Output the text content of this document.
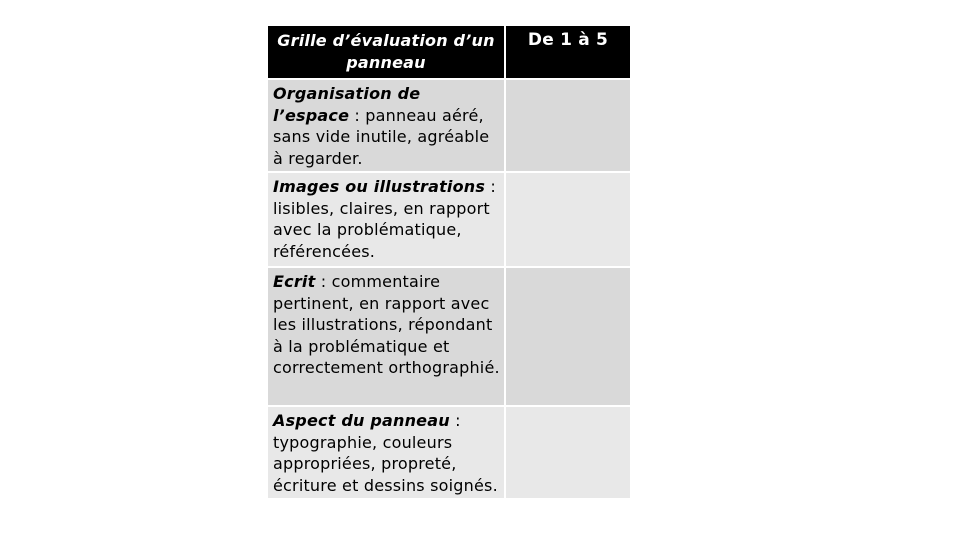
Grille d’évaluation d’un panneau	De 1 à 5
Organisation de l’espace : panneau aéré, sans vide inutile, agréable à regarder.	
Images ou illustrations : lisibles, claires, en rapport avec la problématique, référencées.	
Ecrit : commentaire pertinent, en rapport avec les illustrations, répondant à la problématique et correctement orthographié.	
Aspect du panneau : typographie, couleurs appropriées, propreté, écriture et dessins soignés.	
